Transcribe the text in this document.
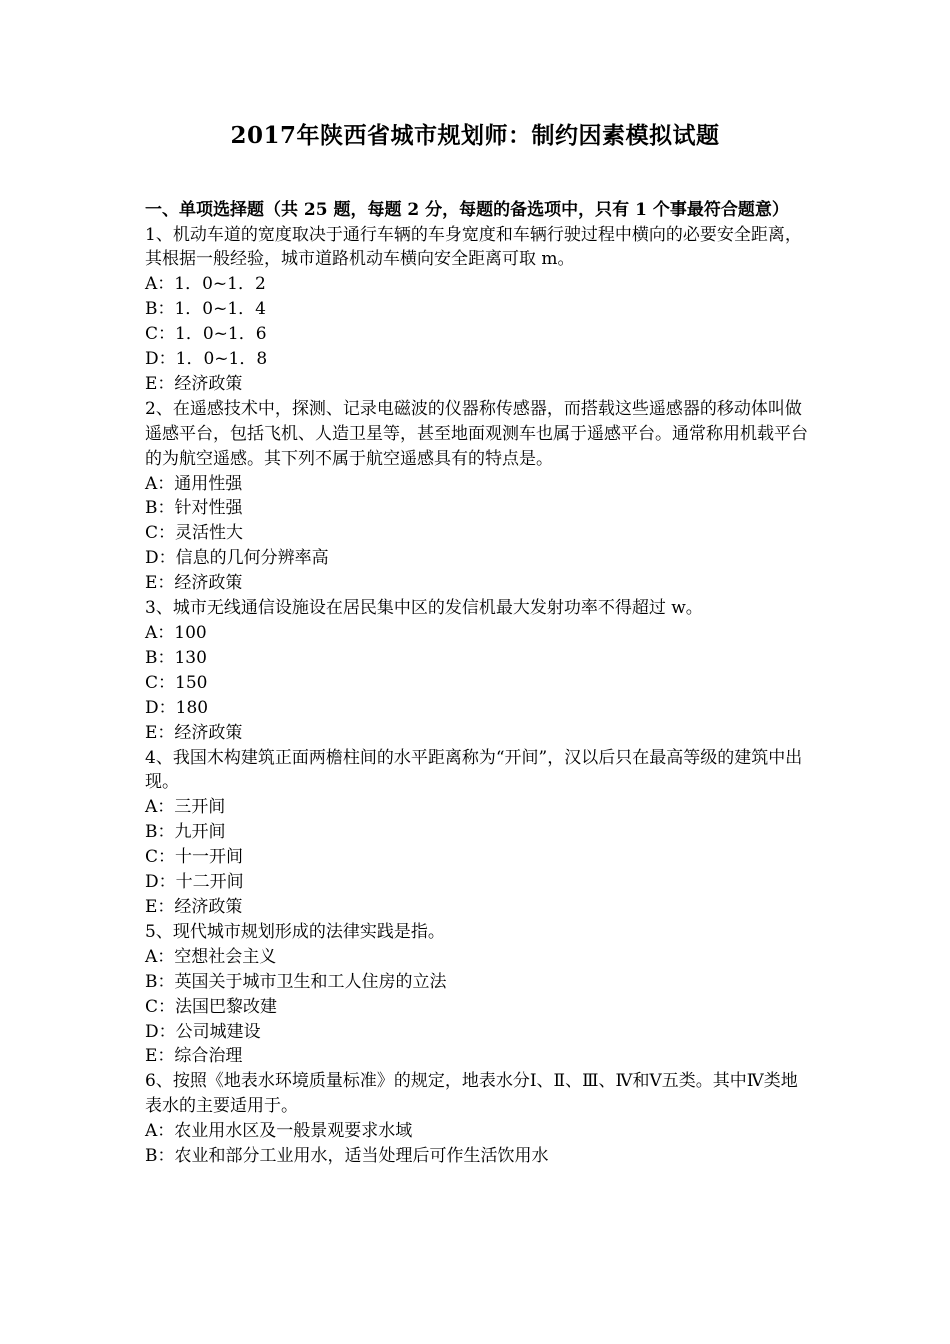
2017年陕西省城市规划师：制约因素模拟试题

一、单项选择题（共 25 题，每题 2 分，每题的备选项中，只有 1 个事最符合题意）

1、机动车道的宽度取决于通行车辆的车身宽度和车辆行驶过程中横向的必要安全距离，其根据一般经验，城市道路机动车横向安全距离可取 m。

A：1．0~1．2

B：1．0~1．4

C：1．0~1．6

D：1．0~1．8

E：经济政策

2、在遥感技术中，探测、记录电磁波的仪器称传感器，而搭载这些遥感器的移动体叫做遥感平台，包括飞机、人造卫星等，甚至地面观测车也属于遥感平台。通常称用机载平台的为航空遥感。其下列不属于航空遥感具有的特点是。

A：通用性强

B：针对性强

C：灵活性大

D：信息的几何分辨率高

E：经济政策

3、城市无线通信设施设在居民集中区的发信机最大发射功率不得超过 w。

A：100

B：130

C：150

D：180

E：经济政策

4、我国木构建筑正面两檐柱间的水平距离称为“开间”，汉以后只在最高等级的建筑中出现。

A：三开间

B：九开间

C：十一开间

D：十二开间

E：经济政策

5、现代城市规划形成的法律实践是指。

A：空想社会主义

B：英国关于城市卫生和工人住房的立法

C：法国巴黎改建

D：公司城建设

E：综合治理

6、按照《地表水环境质量标准》的规定，地表水分Ⅰ、Ⅱ、Ⅲ、Ⅳ和Ⅴ五类。其中Ⅳ类地表水的主要适用于。

A：农业用水区及一般景观要求水域

B：农业和部分工业用水，适当处理后可作生活饮用水
